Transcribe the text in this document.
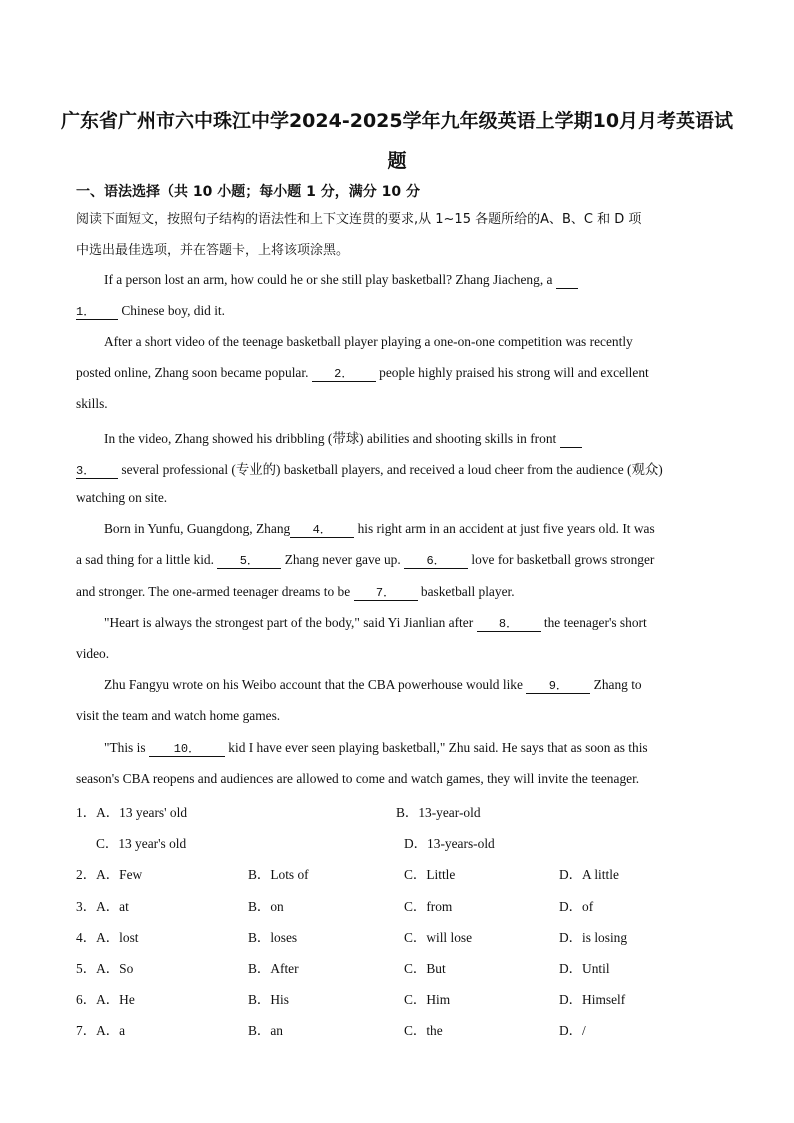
广东省广州市六中珠江中学2024-2025学年九年级英语上学期10月月考英语试
题
一、语法选择（共 10 小题；每小题 1 分，满分 10 分
阅读下面短文，按照句子结构的语法性和上下文连贯的要求,从 1~15 各题所给的A、B、C 和 D 项
中选出最佳选项，并在答题卡，上将该项涂黑。
If a person lost an arm, how could he or she still play basketball? Zhang Jiacheng, a
1． Chinese boy, did it.
After a short video of the teenage basketball player playing a one-on-one competition was recently
posted online, Zhang soon became popular. 2． people highly praised his strong will and excellent
skills.
In the video, Zhang showed his dribbling (带球) abilities and shooting skills in front
3． several professional (专业的) basketball players, and received a loud cheer from the audience (观众)
watching on site.
Born in Yunfu, Guangdong, Zhang 4． his right arm in an accident at just five years old. It was
a sad thing for a little kid. 5． Zhang never gave up. 6． love for basketball grows stronger
and stronger. The one-armed teenager dreams to be 7． basketball player.
"Heart is always the strongest part of the body," said Yi Jianlian after 8． the teenager's short
video.
Zhu Fangyu wrote on his Weibo account that the CBA powerhouse would like 9． Zhang to
visit the team and watch home games.
"This is 10． kid I have ever seen playing basketball," Zhu said. He says that as soon as this
season's CBA reopens and audiences are allowed to come and watch games, they will invite the teenager.
1．A．13 years' old	B．13-year-old
C．13 year's old	D．13-years-old
2．A．Few	B．Lots of	C．Little	D．A little
3．A．at	B．on	C．from	D．of
4．A．lost	B．loses	C．will lose	D．is losing
5．A．So	B．After	C．But	D．Until
6．A．He	B．His	C．Him	D．Himself
7．A．a	B．an	C．the	D．/
